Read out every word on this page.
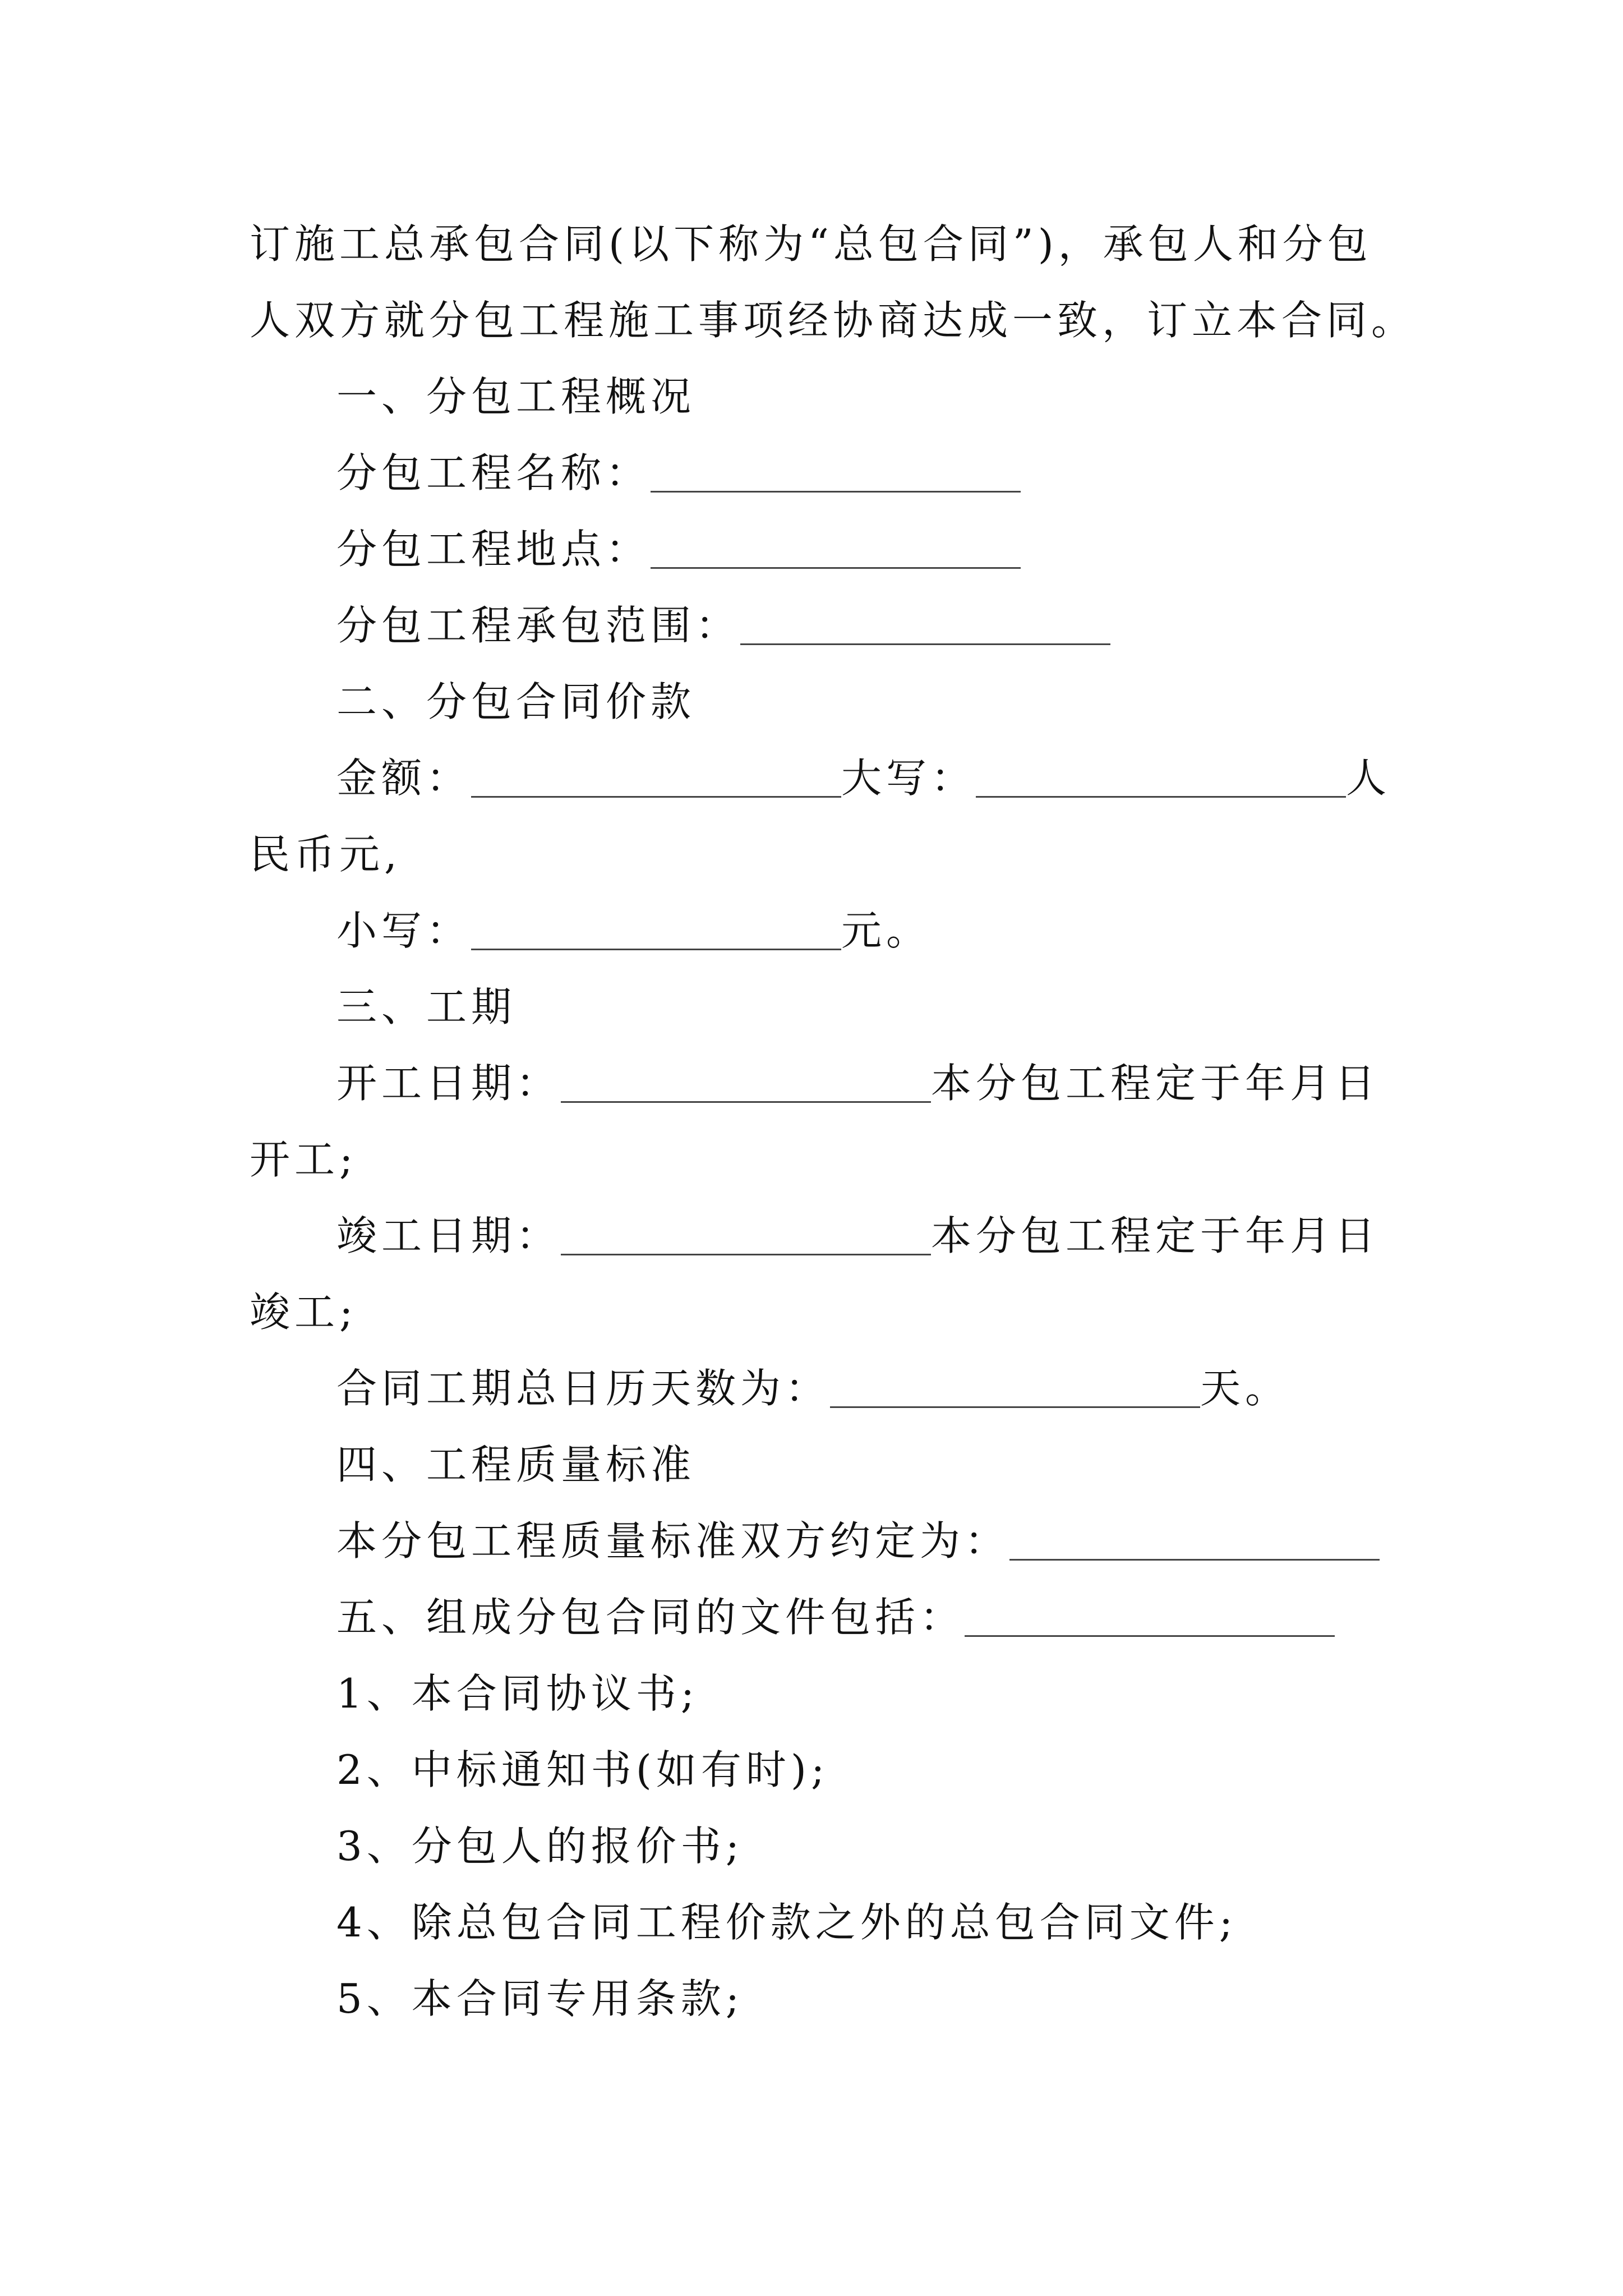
订施工总承包合同(以下称为“总包合同”)，承包人和分包
人双方就分包工程施工事项经协商达成一致，订立本合同。
一、分包工程概况
分包工程名称：
分包工程地点：
分包工程承包范围：
二、分包合同价款
金额：	大写：	人
民币元,
小写：	元。
三、工期
开工日期：	本分包工程定于年月日
开工;
竣工日期：	本分包工程定于年月日
竣工;
合同工期总日历天数为：	天。
四、工程质量标准
本分包工程质量标准双方约定为：
五、组成分包合同的文件包括：
1、本合同协议书;
2、中标通知书(如有时);
3、分包人的报价书;
4、除总包合同工程价款之外的总包合同文件;
5、本合同专用条款;
